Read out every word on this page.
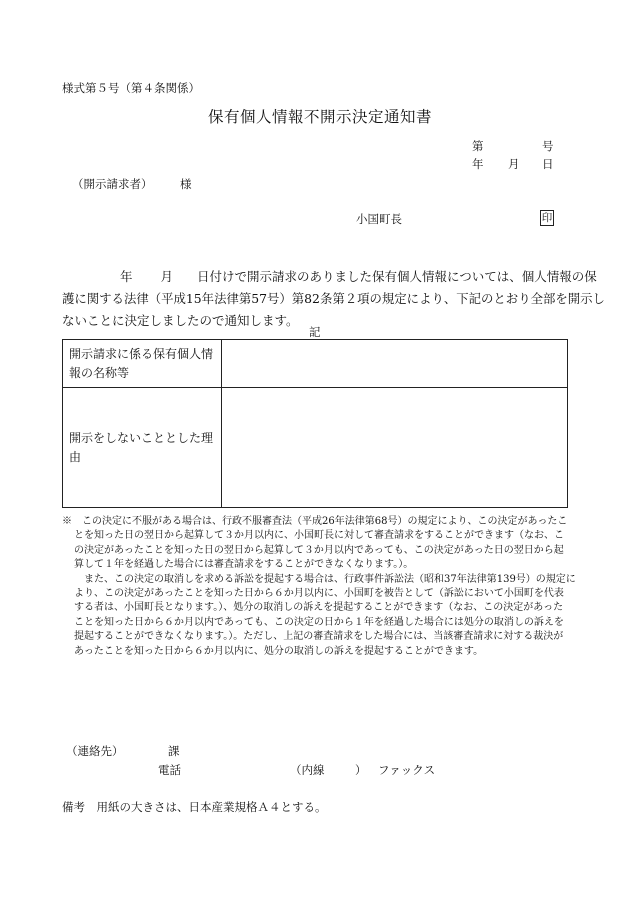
様式第５号（第４条関係）
保有個人情報不開示決定通知書
第	号
年 月 日
（開示請求者） 様
小国町長	印
年 月 日付けで開示請求のありました保有個人情報については、個人情報の保
護に関する法律（平成15年法律第57号）第82条第２項の規定により、下記のとおり全部を開示し
ないことに決定しましたので通知します。
記
開示請求に係る保有個人情
報の名称等	

開示をしないこととした理
由	

※　この決定に不服がある場合は、行政不服審査法（平成26年法律第68号）の規定により、この決定があったこ
とを知った日の翌日から起算して３か月以内に、小国町長に対して審査請求をすることができます（なお、こ
の決定があったことを知った日の翌日から起算して３か月以内であっても、この決定があった日の翌日から起
算して１年を経過した場合には審査請求をすることができなくなります。）。
また、この決定の取消しを求める訴訟を提起する場合は、行政事件訴訟法（昭和37年法律第139号）の規定に
より、この決定があったことを知った日から６か月以内に、小国町を被告として（訴訟において小国町を代表
する者は、小国町長となります。）、処分の取消しの訴えを提起することができます（なお、この決定があった
ことを知った日から６か月以内であっても、この決定の日から１年を経過した場合には処分の取消しの訴えを
提起することができなくなります。）。ただし、上記の審査請求をした場合には、当該審査請求に対する裁決が
あったことを知った日から６か月以内に、処分の取消しの訴えを提起することができます。
（連絡先）	課
電話	（内線	） ファックス
備考　用紙の大きさは、日本産業規格Ａ４とする。
